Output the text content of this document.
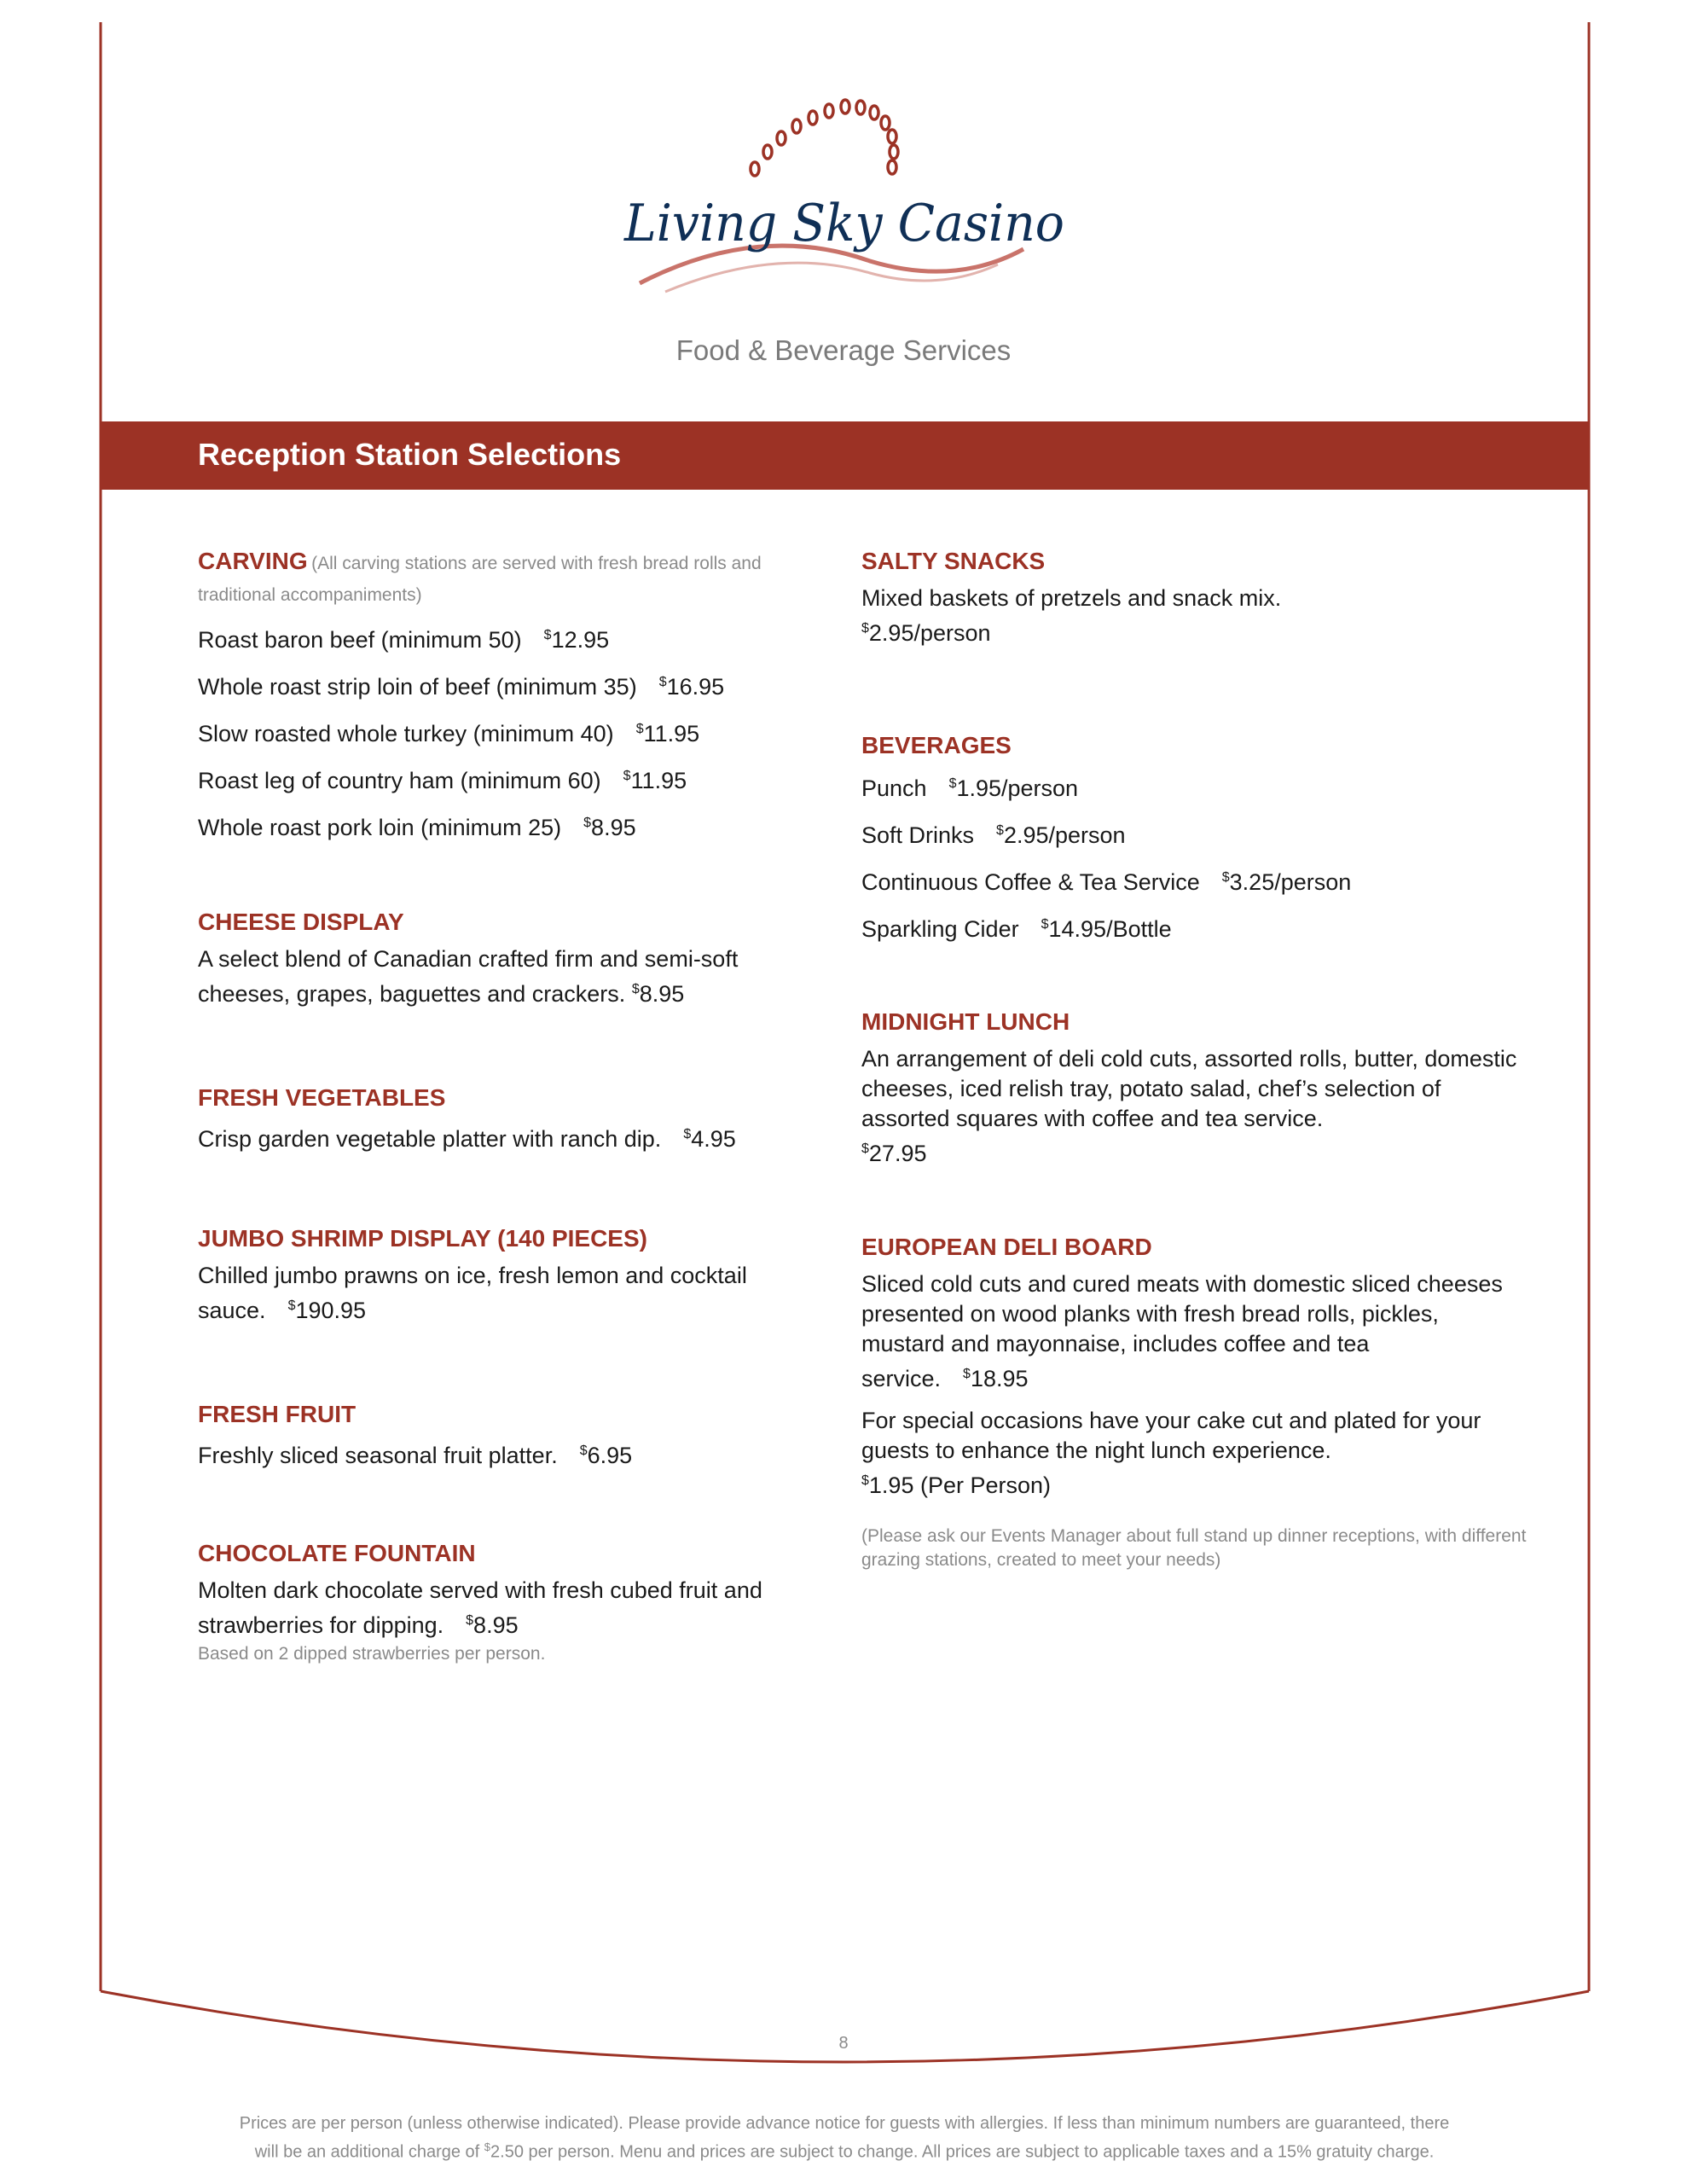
Living Sky Casino
Food & Beverage Services
Reception Station Selections
CARVING (All carving stations are served with fresh bread rolls and traditional accompaniments)
Roast baron beef (minimum 50) $12.95
Whole roast strip loin of beef (minimum 35) $16.95
Slow roasted whole turkey (minimum 40) $11.95
Roast leg of country ham (minimum 60) $11.95
Whole roast pork loin (minimum 25) $8.95
CHEESE DISPLAY
A select blend of Canadian crafted firm and semi-soft cheeses, grapes, baguettes and crackers. $8.95
FRESH VEGETABLES
Crisp garden vegetable platter with ranch dip. $4.95
JUMBO SHRIMP DISPLAY (140 PIECES)
Chilled jumbo prawns on ice, fresh lemon and cocktail sauce. $190.95
FRESH FRUIT
Freshly sliced seasonal fruit platter. $6.95
CHOCOLATE FOUNTAIN
Molten dark chocolate served with fresh cubed fruit and strawberries for dipping. $8.95
Based on 2 dipped strawberries per person.
SALTY SNACKS
Mixed baskets of pretzels and snack mix.
$2.95/person
BEVERAGES
Punch $1.95/person
Soft Drinks $2.95/person
Continuous Coffee & Tea Service $3.25/person
Sparkling Cider $14.95/Bottle
MIDNIGHT LUNCH
An arrangement of deli cold cuts, assorted rolls, butter, domestic cheeses, iced relish tray, potato salad, chef’s selection of assorted squares with coffee and tea service.
$27.95
EUROPEAN DELI BOARD
Sliced cold cuts and cured meats with domestic sliced cheeses presented on wood planks with fresh bread rolls, pickles, mustard and mayonnaise, includes coffee and tea service. $18.95
For special occasions have your cake cut and plated for your guests to enhance the night lunch experience.
$1.95 (Per Person)
(Please ask our Events Manager about full stand up dinner receptions, with different grazing stations, created to meet your needs)
8
Prices are per person (unless otherwise indicated). Please provide advance notice for guests with allergies. If less than minimum numbers are guaranteed, there
will be an additional charge of $2.50 per person. Menu and prices are subject to change. All prices are subject to applicable taxes and a 15% gratuity charge.
